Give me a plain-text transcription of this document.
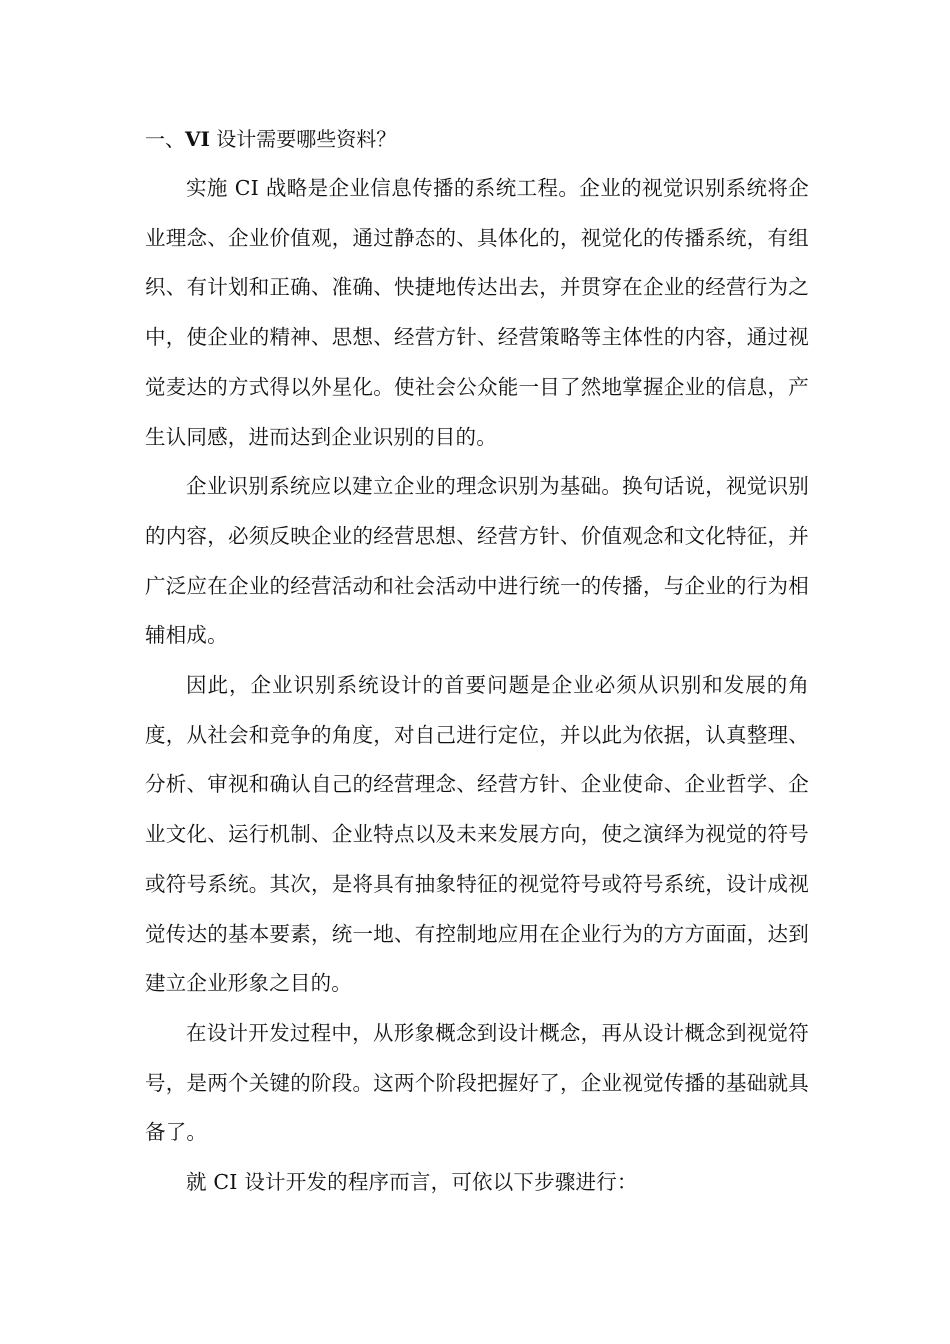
一、VI 设计需要哪些资料？

实施 CI 战略是企业信息传播的系统工程。企业的视觉识别系统将企业理念、企业价值观，通过静态的、具体化的，视觉化的传播系统，有组织、有计划和正确、准确、快捷地传达出去，并贯穿在企业的经营行为之中，使企业的精神、思想、经营方针、经营策略等主体性的内容，通过视觉麦达的方式得以外星化。使社会公众能一目了然地掌握企业的信息，产生认同感，进而达到企业识别的目的。

企业识别系统应以建立企业的理念识别为基础。换句话说，视觉识别的内容，必须反映企业的经营思想、经营方针、价值观念和文化特征，并广泛应在企业的经营活动和社会活动中进行统一的传播，与企业的行为相辅相成。

因此，企业识别系统设计的首要问题是企业必须从识别和发展的角度，从社会和竞争的角度，对自己进行定位，并以此为依据，认真整理、分析、审视和确认自己的经营理念、经营方针、企业使命、企业哲学、企业文化、运行机制、企业特点以及未来发展方向，使之演绎为视觉的符号或符号系统。其次，是将具有抽象特征的视觉符号或符号系统，设计成视觉传达的基本要素，统一地、有控制地应用在企业行为的方方面面，达到建立企业形象之目的。

在设计开发过程中，从形象概念到设计概念，再从设计概念到视觉符号，是两个关键的阶段。这两个阶段把握好了，企业视觉传播的基础就具备了。

就 CI 设计开发的程序而言，可依以下步骤进行：
